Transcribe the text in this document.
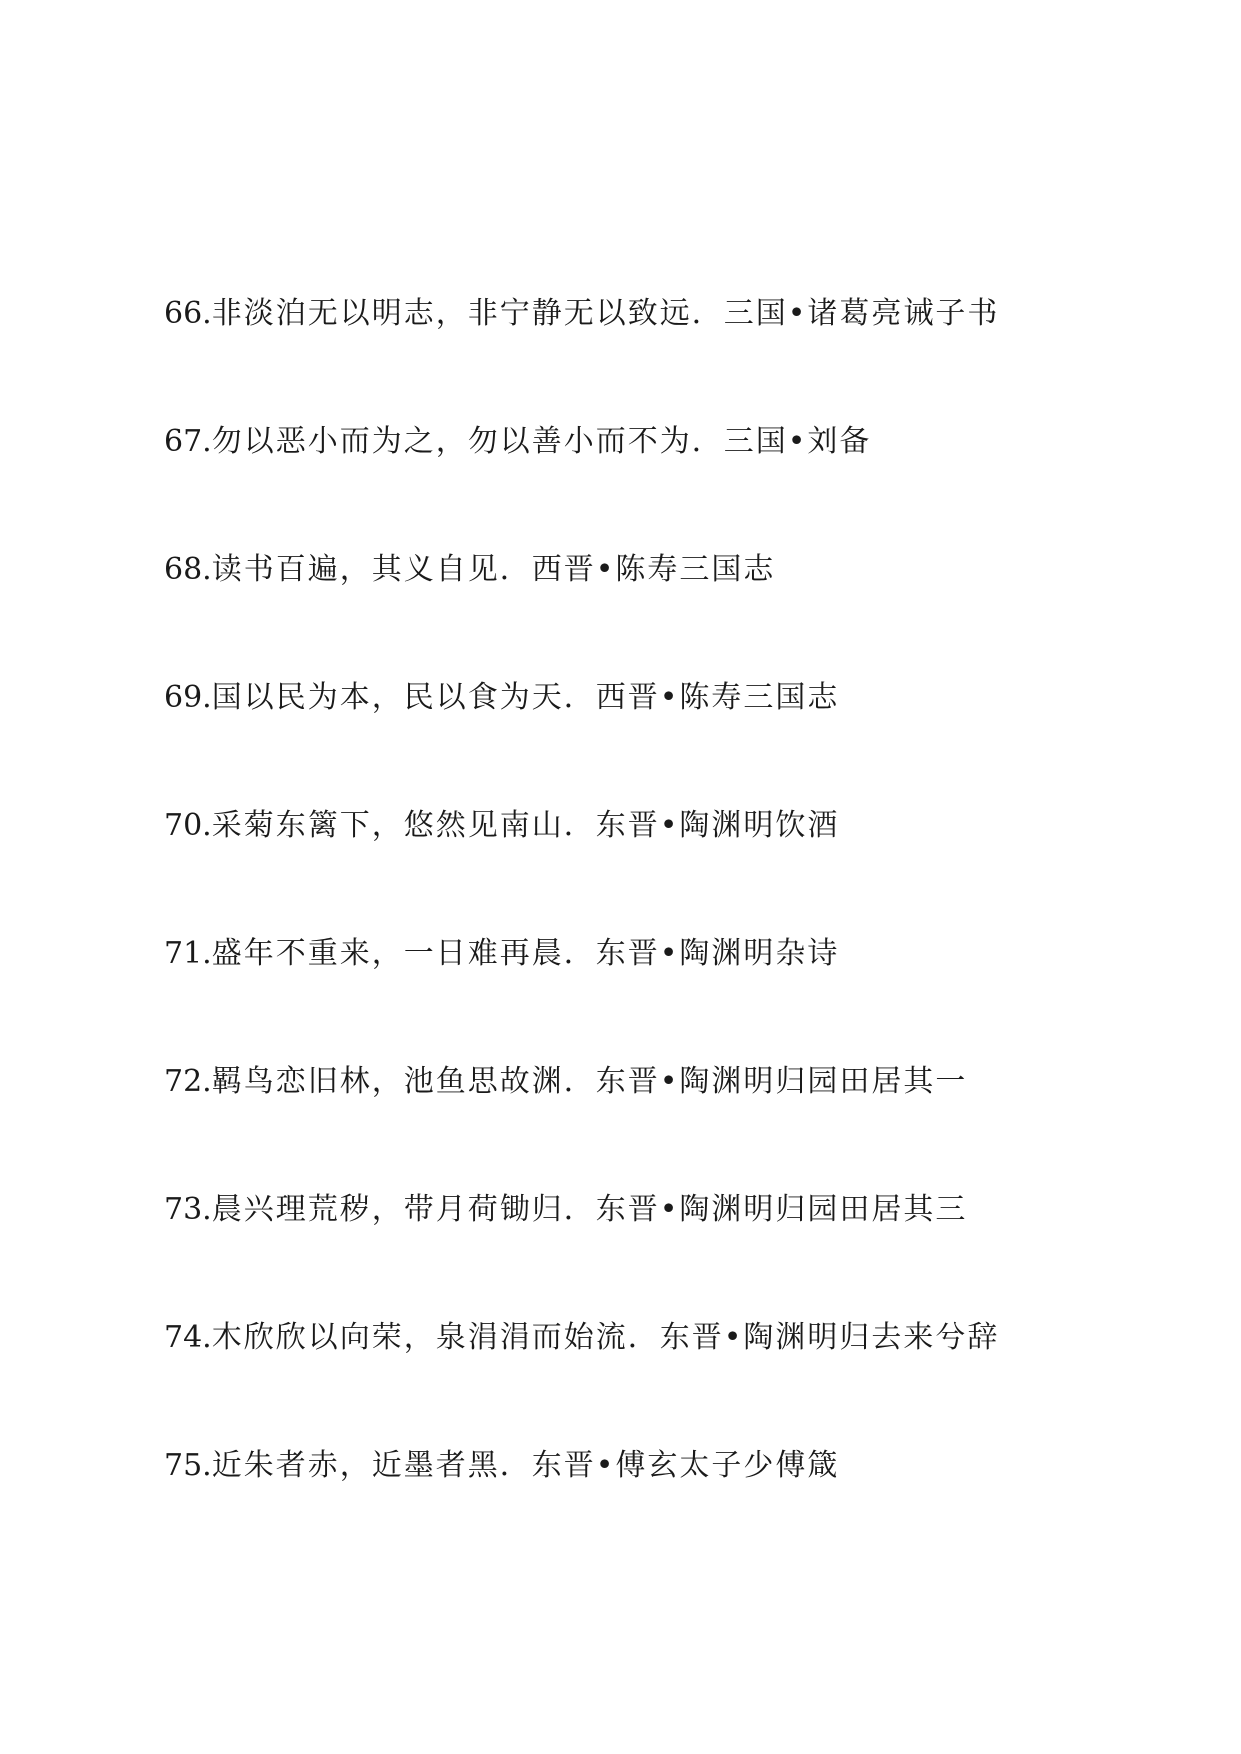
66.非淡泊无以明志，非宁静无以致远．三国•诸葛亮诫子书
67.勿以恶小而为之，勿以善小而不为．三国•刘备
68.读书百遍，其义自见．西晋•陈寿三国志
69.国以民为本，民以食为天．西晋•陈寿三国志
70.采菊东篱下，悠然见南山．东晋•陶渊明饮酒
71.盛年不重来，一日难再晨．东晋•陶渊明杂诗
72.羁鸟恋旧林，池鱼思故渊．东晋•陶渊明归园田居其一
73.晨兴理荒秽，带月荷锄归．东晋•陶渊明归园田居其三
74.木欣欣以向荣，泉涓涓而始流．东晋•陶渊明归去来兮辞
75.近朱者赤，近墨者黑．东晋•傅玄太子少傅箴
